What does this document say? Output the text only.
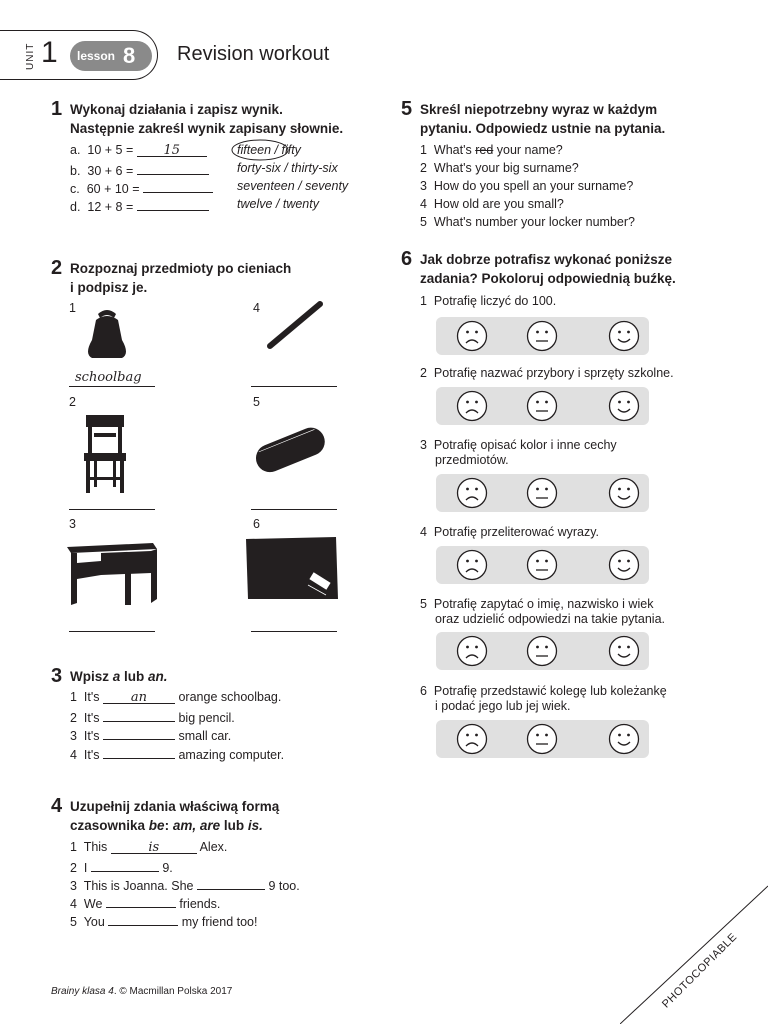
UNIT 1 lesson 8 Revision workout
1 Wykonaj działania i zapisz wynik.
Następnie zakreśl wynik zapisany słownie.
a. 10 + 5 = 15	fifteen / fifty
b. 30 + 6 =	forty-six / thirty-six
c. 60 + 10 =	seventeen / seventy
d. 12 + 8 =	twelve / twenty
2 Rozpoznaj przedmioty po cieniach
i podpisz je.
1
schoolbag
2
3
4
5
6
3 Wpisz a lub an.
1 It's an	orange schoolbag.
2 It's	big pencil.
3 It's	small car.
4 It's	amazing computer.
4 Uzupełnij zdania właściwą formą
czasownika be: am, are lub is.
1 This	is	Alex.
2 I	9.
3 This is Joanna. She	9 too.
4 We	friends.
5 You	my friend too!
5 Skreśl niepotrzebny wyraz w każdym
pytaniu. Odpowiedz ustnie na pytania.
1 What's red your name?
2 What's your big surname?
3 How do you spell an your surname?
4 How old are you small?
5 What's number your locker number?
6 Jak dobrze potrafisz wykonać poniższe
zadania? Pokoloruj odpowiednią buźkę.
1 Potrafię liczyć do 100.
2 Potrafię nazwać przybory i sprzęty szkolne.
3 Potrafię opisać kolor i inne cechy
przedmiotów.
4 Potrafię przeliterować wyrazy.
5 Potrafię zapytać o imię, nazwisko i wiek
oraz udzielić odpowiedzi na takie pytania.
6 Potrafię przedstawić kolegę lub koleżankę
i podać jego lub jej wiek.
Brainy klasa 4. © Macmillan Polska 2017	PHOTOCOPIABLE
